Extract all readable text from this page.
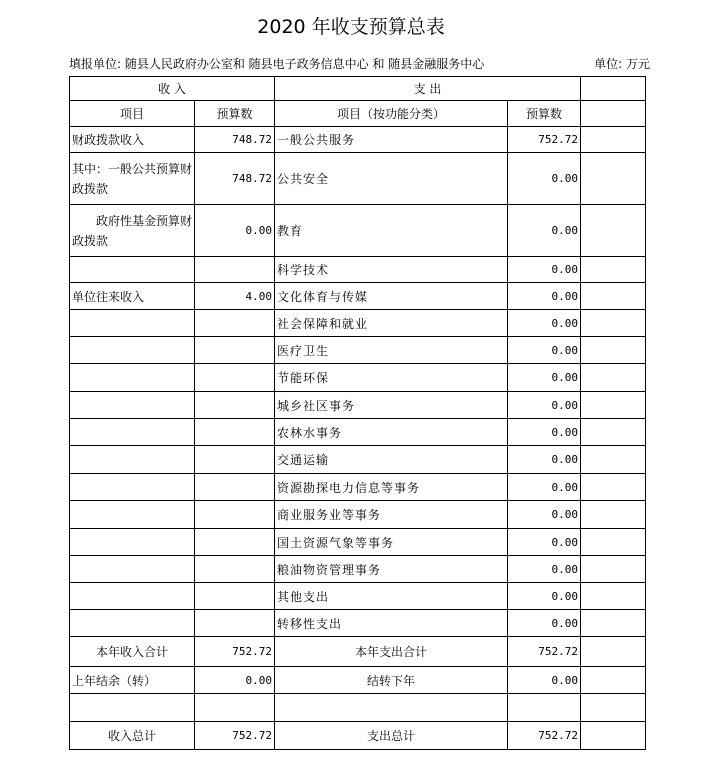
2020 年收支预算总表
填报单位: 随县人民政府办公室和 随县电子政务信息中心 和 随县金融服务中心	单位: 万元
收 入		支 出		
项目	预算数	项目（按功能分类）	预算数	
财政拨款收入	748.72	一般公共服务	752.72	
其中：一般公共预算财政拨款	748.72	公共安全	0.00	
政府性基金预算财政拨款	0.00	教育	0.00	
		科学技术	0.00	
单位往来收入	4.00	文化体育与传媒	0.00	
		社会保障和就业	0.00	
		医疗卫生	0.00	
		节能环保	0.00	
		城乡社区事务	0.00	
		农林水事务	0.00	
		交通运输	0.00	
		资源勘探电力信息等事务	0.00	
		商业服务业等事务	0.00	
		国土资源气象等事务	0.00	
		粮油物资管理事务	0.00	
		其他支出	0.00	
		转移性支出	0.00	
本年收入合计	752.72	本年支出合计	752.72	
上年结余（转）	0.00	结转下年	0.00	

收入总计	752.72	支出总计	752.72	
